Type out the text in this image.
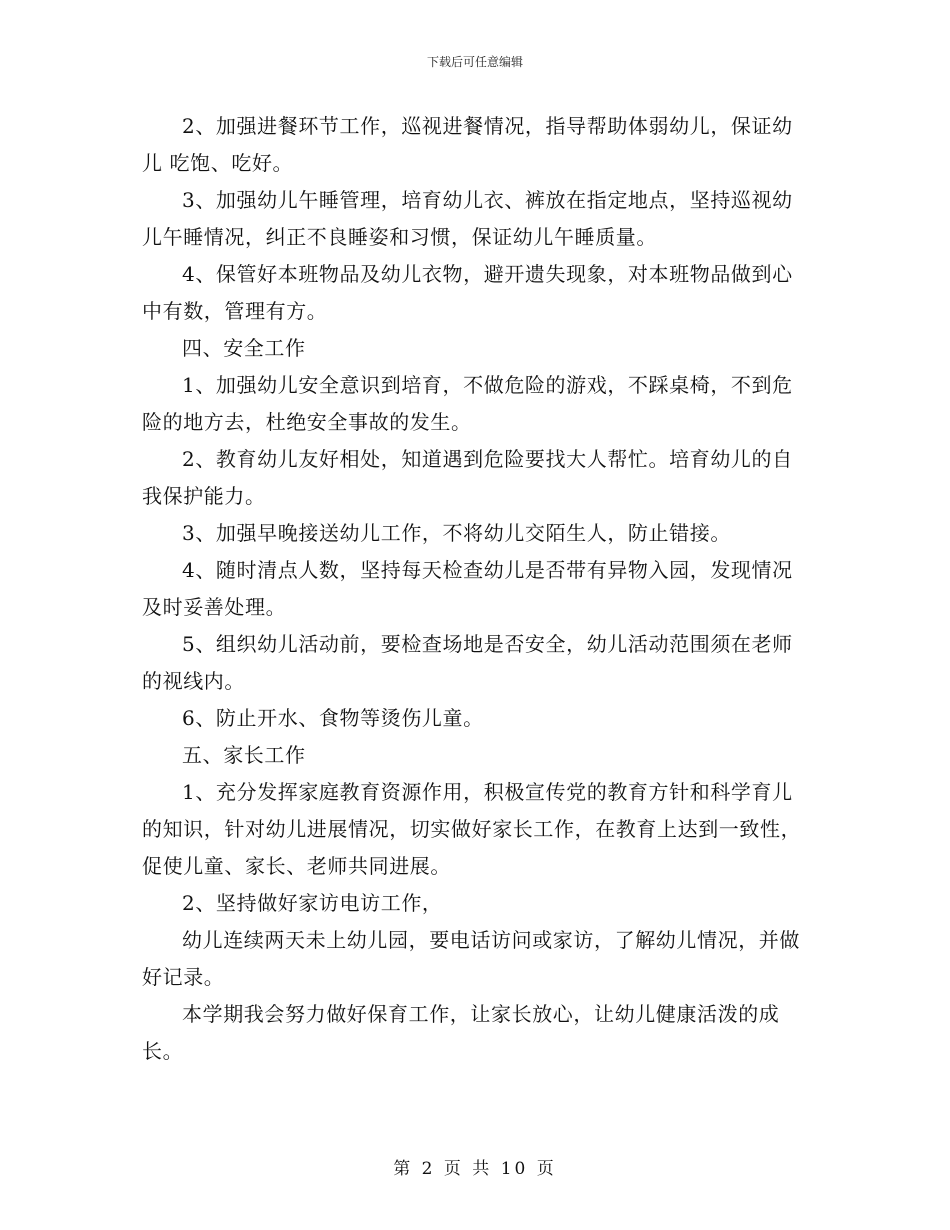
下载后可任意编辑

2、加强进餐环节工作，巡视进餐情况，指导帮助体弱幼儿，保证幼儿 吃饱、吃好。

3、加强幼儿午睡管理，培育幼儿衣、裤放在指定地点，坚持巡视幼儿午睡情况，纠正不良睡姿和习惯，保证幼儿午睡质量。

4、保管好本班物品及幼儿衣物，避开遗失现象，对本班物品做到心中有数，管理有方。

四、安全工作

1、加强幼儿安全意识到培育，不做危险的游戏，不踩桌椅，不到危险的地方去，杜绝安全事故的发生。

2、教育幼儿友好相处，知道遇到危险要找大人帮忙。培育幼儿的自我保护能力。

3、加强早晚接送幼儿工作，不将幼儿交陌生人，防止错接。

4、随时清点人数，坚持每天检查幼儿是否带有异物入园，发现情况及时妥善处理。

5、组织幼儿活动前，要检查场地是否安全，幼儿活动范围须在老师的视线内。

6、防止开水、食物等烫伤儿童。

五、家长工作

1、充分发挥家庭教育资源作用，积极宣传党的教育方针和科学育儿的知识，针对幼儿进展情况，切实做好家长工作，在教育上达到一致性，促使儿童、家长、老师共同进展。

2、坚持做好家访电访工作，

幼儿连续两天未上幼儿园，要电话访问或家访，了解幼儿情况，并做好记录。

本学期我会努力做好保育工作，让家长放心，让幼儿健康活泼的成长。

第 2 页 共 10 页
